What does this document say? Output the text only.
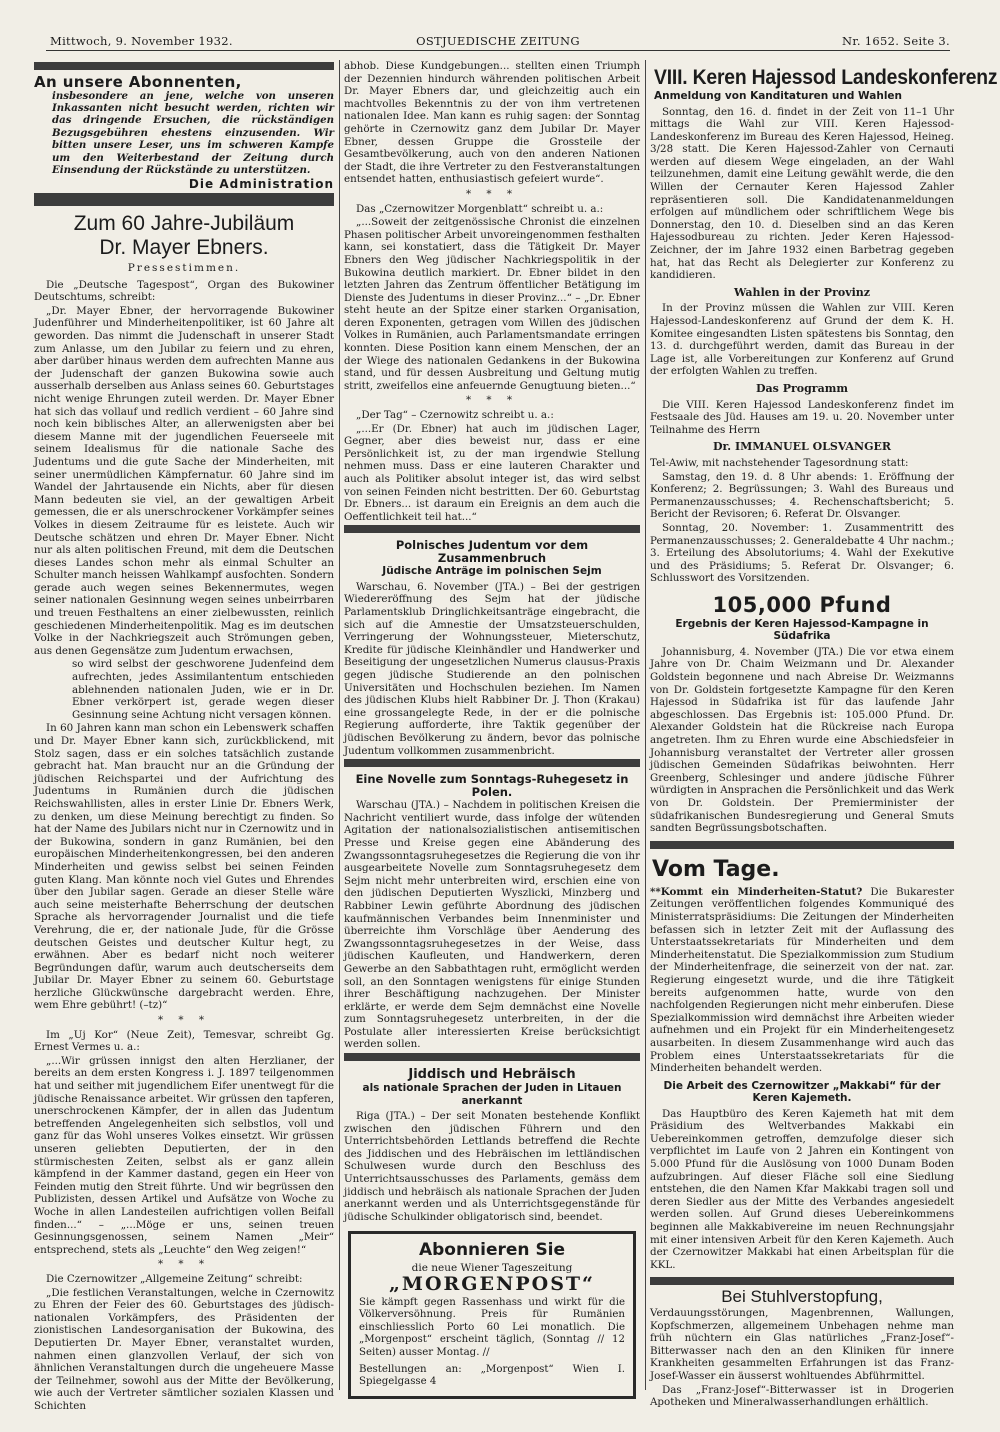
Mittwoch, 9. November 1932.	OSTJUEDISCHE ZEITUNG	Nr. 1652. Seite 3.
An unsere Abonnenten,
insbesondere an jene, welche von unseren Inkassanten nicht besucht werden, richten wir das dringende Ersuchen, die rückständigen Bezugsgebühren ehestens einzusenden. Wir bitten unsere Leser, uns im schweren Kampfe um den Weiterbestand der Zeitung durch Einsendung der Rückstände zu unterstützen.
Die Administration
Zum 60 Jahre-Jubiläum
Dr. Mayer Ebners.
Pressestimmen.

Die „Deutsche Tagespost“, Organ des Bukowiner Deutschtums, schreibt:

„Dr. Mayer Ebner, der hervorragende Bukowiner Judenführer und Minderheitenpolitiker, ist 60 Jahre alt geworden. Das nimmt die Judenschaft in unserer Stadt zum Anlasse, um den Jubilar zu feiern und zu ehren, aber darüber hinaus werden dem aufrechten Manne aus der Judenschaft der ganzen Bukowina sowie auch ausserhalb derselben aus Anlass seines 60. Geburtstages nicht wenige Ehrungen zuteil werden. Dr. Mayer Ebner hat sich das vollauf und redlich verdient – 60 Jahre sind noch kein biblisches Alter, an allerwenigsten aber bei diesem Manne mit der jugendlichen Feuerseele mit seinem Idealismus für die nationale Sache des Judentums und die gute Sache der Minderheiten, mit seiner unermüdlichen Kämpfernatur. 60 Jahre sind im Wandel der Jahrtausende ein Nichts, aber für diesen Mann bedeuten sie viel, an der gewaltigen Arbeit gemessen, die er als unerschrockener Vorkämpfer seines Volkes in diesem Zeitraume für es leistete. Auch wir Deutsche schätzen und ehren Dr. Mayer Ebner. Nicht nur als alten politischen Freund, mit dem die Deutschen dieses Landes schon mehr als einmal Schulter an Schulter manch heissen Wahlkampf ausfochten. Sondern gerade auch wegen seines Bekennermutes, wegen seiner nationalen Gesinnung wegen seines unbeirrbaren und treuen Festhaltens an einer zielbewussten, reinlich geschiedenen Minderheitenpolitik. Mag es im deutschen Volke in der Nachkriegszeit auch Strömungen geben, aus denen Gegensätze zum Judentum erwachsen,

so wird selbst der geschworene Judenfeind dem aufrechten, jedes Assimilantentum entschieden ablehnenden nationalen Juden, wie er in Dr. Ebner verkörpert ist, gerade wegen dieser Gesinnung seine Achtung nicht versagen können.

In 60 Jahren kann man schon ein Lebenswerk schaffen und Dr. Mayer Ebner kann sich, zurückblickend, mit Stolz sagen, dass er ein solches tatsächlich zustande gebracht hat. Man braucht nur an die Gründung der jüdischen Reichspartei und der Aufrichtung des Judentums in Rumänien durch die jüdischen Reichswahllisten, alles in erster Linie Dr. Ebners Werk, zu denken, um diese Meinung berechtigt zu finden. So hat der Name des Jubilars nicht nur in Czernowitz und in der Bukowina, sondern in ganz Rumänien, bei den europäischen Minderheitenkongressen, bei den anderen Minderheiten und gewiss selbst bei seinen Feinden guten Klang. Man könnte noch viel Gutes und Ehrendes über den Jubilar sagen. Gerade an dieser Stelle wäre auch seine meisterhafte Beherrschung der deutschen Sprache als hervorragender Journalist und die tiefe Verehrung, die er, der nationale Jude, für die Grösse deutschen Geistes und deutscher Kultur hegt, zu erwähnen. Aber es bedarf nicht noch weiterer Begründungen dafür, warum auch deutscherseits dem Jubilar Dr. Mayer Ebner zu seinem 60. Geburtstage herzliche Glückwünsche dargebracht werden. Ehre, wem Ehre gebührt! (–tz)“

* * *

Im „Uj Kor“ (Neue Zeit), Temesvar, schreibt Gg. Ernest Vermes u. a.:

„...Wir grüssen innigst den alten Herzlianer, der bereits an dem ersten Kongress i. J. 1897 teilgenommen hat und seither mit jugendlichem Eifer unentwegt für die jüdische Renaissance arbeitet. Wir grüssen den tapferen, unerschrockenen Kämpfer, der in allen das Judentum betreffenden Angelegenheiten sich selbstlos, voll und ganz für das Wohl unseres Volkes einsetzt. Wir grüssen unseren geliebten Deputierten, der in den stürmischesten Zeiten, selbst als er ganz allein kämpfend in der Kammer dastand, gegen ein Heer von Feinden mutig den Streit führte. Und wir begrüssen den Publizisten, dessen Artikel und Aufsätze von Woche zu Woche in allen Landesteilen aufrichtigen vollen Beifall finden...“ – „...Möge er uns, seinen treuen Gesinnungsgenossen, seinem Namen „Meir“ entsprechend, stets als „Leuchte“ den Weg zeigen!“

* * *

Die Czernowitzer „Allgemeine Zeitung“ schreibt:

„Die festlichen Veranstaltungen, welche in Czernowitz zu Ehren der Feier des 60. Geburtstages des jüdisch-nationalen Vorkämpfers, des Präsidenten der zionistischen Landesorganisation der Bukowina, des Deputierten Dr. Mayer Ebner, veranstaltet wurden, nahmen einen glanzvollen Verlauf, der sich von ähnlichen Veranstaltungen durch die ungeheuere Masse der Teilnehmer, sowohl aus der Mitte der Bevölkerung, wie auch der Vertreter sämtlicher sozialen Klassen und Schichten

abhob. Diese Kundgebungen... stellten einen Triumph der Dezennien hindurch währenden politischen Arbeit Dr. Mayer Ebners dar, und gleichzeitig auch ein machtvolles Bekenntnis zu der von ihm vertretenen nationalen Idee. Man kann es ruhig sagen: der Sonntag gehörte in Czernowitz ganz dem Jubilar Dr. Mayer Ebner, dessen Gruppe die Grossteile der Gesamtbevölkerung, auch von den anderen Nationen der Stadt, die ihre Vertreter zu den Festveranstaltungen entsendet hatten, enthusiastisch gefeiert wurde“.

* * *

Das „Czernowitzer Morgenblatt“ schreibt u. a.:

„...Soweit der zeitgenössische Chronist die einzelnen Phasen politischer Arbeit unvoreingenommen festhalten kann, sei konstatiert, dass die Tätigkeit Dr. Mayer Ebners den Weg jüdischer Nachkriegspolitik in der Bukowina deutlich markiert. Dr. Ebner bildet in den letzten Jahren das Zentrum öffentlicher Betätigung im Dienste des Judentums in dieser Provinz...“ – „Dr. Ebner steht heute an der Spitze einer starken Organisation, deren Exponenten, getragen vom Willen des jüdischen Volkes in Rumänien, auch Parlamentsmandate erringen konnten. Diese Position kann einem Menschen, der an der Wiege des nationalen Gedankens in der Bukowina stand, und für dessen Ausbreitung und Geltung mutig stritt, zweifellos eine anfeuernde Genugtuung bieten...“

* * *

„Der Tag“ – Czernowitz schreibt u. a.:

„...Er (Dr. Ebner) hat auch im jüdischen Lager, Gegner, aber dies beweist nur, dass er eine Persönlichkeit ist, zu der man irgendwie Stellung nehmen muss. Dass er eine lauteren Charakter und auch als Politiker absolut integer ist, das wird selbst von seinen Feinden nicht bestritten. Der 60. Geburtstag Dr. Ebners... ist daraum ein Ereignis an dem auch die Oeffentlichkeit teil hat...“

Polnisches Judentum vor dem Zusammenbruch
Jüdische Anträge im polnischen Sejm

Warschau, 6. November (JTA.) – Bei der gestrigen Wiedereröffnung des Sejm hat der jüdische Parlamentsklub Dringlichkeitsanträge eingebracht, die sich auf die Amnestie der Umsatzsteuerschulden, Verringerung der Wohnungssteuer, Mieterschutz, Kredite für jüdische Kleinhändler und Handwerker und Beseitigung der ungesetzlichen Numerus clausus-Praxis gegen jüdische Studierende an den polnischen Universitäten und Hochschulen beziehen. Im Namen des jüdischen Klubs hielt Rabbiner Dr. J. Thon (Krakau) eine grossangelegte Rede, in der er die polnische Regierung aufforderte, ihre Taktik gegenüber der jüdischen Bevölkerung zu ändern, bevor das polnische Judentum vollkommen zusammenbricht.

Eine Novelle zum Sonntags-Ruhegesetz in Polen.

Warschau (JTA.) – Nachdem in politischen Kreisen die Nachricht ventiliert wurde, dass infolge der wütenden Agitation der nationalsozialistischen antisemitischen Presse und Kreise gegen eine Abänderung des Zwangssonntagsruhegesetzes die Regierung die von ihr ausgearbeitete Novelle zum Sonntagsruhegesetz dem Sejm nicht mehr unterbreiten wird, erschien eine von den jüdischen Deputierten Wyszlicki, Minzberg und Rabbiner Lewin geführte Abordnung des jüdischen kaufmännischen Verbandes beim Innenminister und überreichte ihm Vorschläge über Aenderung des Zwangssonntagsruhegesetzes in der Weise, dass jüdischen Kaufleuten, und Handwerkern, deren Gewerbe an den Sabbathtagen ruht, ermöglicht werden soll, an den Sonntagen wenigstens für einige Stunden ihrer Beschäftigung nachzugehen. Der Minister erklärte, er werde dem Sejm demnächst eine Novelle zum Sonntagsruhegesetz unterbreiten, in der die Postulate aller interessierten Kreise berücksichtigt werden sollen.

Jiddisch und Hebräisch
als nationale Sprachen der Juden in Litauen anerkannt

Riga (JTA.) – Der seit Monaten bestehende Konflikt zwischen den jüdischen Führern und den Unterrichtsbehörden Lettlands betreffend die Rechte des Jiddischen und des Hebräischen im lettländischen Schulwesen wurde durch den Beschluss des Unterrichtsausschusses des Parlaments, gemäss dem jiddisch und hebräisch als nationale Sprachen der Juden anerkannt werden und als Unterrichtsgegenstände für jüdische Schulkinder obligatorisch sind, beendet.

Abonnieren Sie
die neue Wiener Tageszeitung
„MORGENPOST“

Sie kämpft gegen Rassenhass und wirkt für die Völkerversöhnung. Preis für Rumänien einschliesslich Porto 60 Lei monatlich. Die „Morgenpost“ erscheint täglich, (Sonntag // 12 Seiten) ausser Montag. //

Bestellungen an: „Morgenpost“ Wien I. Spiegelgasse 4

VIII. Keren Hajessod Landeskonferenz
Anmeldung von Kanditaturen und Wahlen

Sonntag, den 16. d. findet in der Zeit von 11–1 Uhr mittags die Wahl zur VIII. Keren Hajessod-Landeskonferenz im Bureau des Keren Hajessod, Heineg. 3/28 statt. Die Keren Hajessod-Zahler von Cernauti werden auf diesem Wege eingeladen, an der Wahl teilzunehmen, damit eine Leitung gewählt werde, die den Willen der Cernauter Keren Hajessod Zahler repräsentieren soll. Die Kandidatenanmeldungen erfolgen auf mündlichem oder schriftlichem Wege bis Donnerstag, den 10. d. Dieselben sind an das Keren Hajessodbureau zu richten. Jeder Keren Hajessod-Zeichner, der im Jahre 1932 einen Barbetrag gegeben hat, hat das Recht als Delegierter zur Konferenz zu kandidieren.

Wahlen in der Provinz

In der Provinz müssen die Wahlen zur VIII. Keren Hajessod-Landeskonferenz auf Grund der dem K. H. Komitee eingesandten Listen spätestens bis Sonntag, den 13. d. durchgeführt werden, damit das Bureau in der Lage ist, alle Vorbereitungen zur Konferenz auf Grund der erfolgten Wahlen zu treffen.

Das Programm

Die VIII. Keren Hajessod Landeskonferenz findet im Festsaale des Jüd. Hauses am 19. u. 20. November unter Teilnahme des Herrn

Dr. IMMANUEL OLSVANGER

Tel-Awiw, mit nachstehender Tagesordnung statt:

Samstag, den 19. d. 8 Uhr abends: 1. Eröffnung der Konferenz; 2. Begrüssungen; 3. Wahl des Bureaus und Permanenzausschusses; 4. Rechenschaftsbericht; 5. Bericht der Revisoren; 6. Referat Dr. Olsvanger.

Sonntag, 20. November: 1. Zusammentritt des Permanenzausschusses; 2. Generaldebatte 4 Uhr nachm.; 3. Erteilung des Absolutoriums; 4. Wahl der Exekutive und des Präsidiums; 5. Referat Dr. Olsvanger; 6. Schlusswort des Vorsitzenden.

105,000 Pfund
Ergebnis der Keren Hajessod-Kampagne in Südafrika

Johannisburg, 4. November (JTA.) Die vor etwa einem Jahre von Dr. Chaim Weizmann und Dr. Alexander Goldstein begonnene und nach Abreise Dr. Weizmanns von Dr. Goldstein fortgesetzte Kampagne für den Keren Hajessod in Südafrika ist für das laufende Jahr abgeschlossen. Das Ergebnis ist: 105.000 Pfund. Dr. Alexander Goldstein hat die Rückreise nach Europa angetreten. Ihm zu Ehren wurde eine Abschiedsfeier in Johannisburg veranstaltet der Vertreter aller grossen jüdischen Gemeinden Südafrikas beiwohnten. Herr Greenberg, Schlesinger und andere jüdische Führer würdigten in Ansprachen die Persönlichkeit und das Werk von Dr. Goldstein. Der Premierminister der südafrikanischen Bundesregierung und General Smuts sandten Begrüssungsbotschaften.

Vom Tage.

**Kommt ein Minderheiten-Statut? Die Bukarester Zeitungen veröffentlichen folgendes Kommuniqué des Ministerratspräsidiums: Die Zeitungen der Minderheiten befassen sich in letzter Zeit mit der Auflassung des Unterstaatssekretariats für Minderheiten und dem Minderheitenstatut. Die Spezialkommission zum Studium der Minderheitenfrage, die seinerzeit von der nat. zar. Regierung eingesetzt wurde, und die ihre Tätigkeit bereits aufgenommen hatte, wurde von den nachfolgenden Regierungen nicht mehr einberufen. Diese Spezialkommission wird demnächst ihre Arbeiten wieder aufnehmen und ein Projekt für ein Minderheitengesetz ausarbeiten. In diesem Zusammenhange wird auch das Problem eines Unterstaatssekretariats für die Minderheiten behandelt werden.

Die Arbeit des Czernowitzer „Makkabi“ für der Keren Kajemeth.

Das Hauptbüro des Keren Kajemeth hat mit dem Präsidium des Weltverbandes Makkabi ein Uebereinkommen getroffen, demzufolge dieser sich verpflichtet im Laufe von 2 Jahren ein Kontingent von 5.000 Pfund für die Auslösung von 1000 Dunam Boden aufzubringen. Auf dieser Fläche soll eine Siedlung entstehen, die den Namen Kfar Makkabi tragen soll und deren Siedler aus der Mitte des Verbandes angesiedelt werden sollen. Auf Grund dieses Uebereinkommens beginnen alle Makkabivereine im neuen Rechnungsjahr mit einer intensiven Arbeit für den Keren Kajemeth. Auch der Czernowitzer Makkabi hat einen Arbeitsplan für die KKL.

Bei Stuhlverstopfung,

Verdauungsstörungen, Magenbrennen, Wallungen, Kopfschmerzen, allgemeinem Unbehagen nehme man früh nüchtern ein Glas natürliches „Franz-Josef“-Bitterwasser nach den an den Kliniken für innere Krankheiten gesammelten Erfahrungen ist das Franz-Josef-Wasser ein äusserst wohltuendes Abführmittel.

Das „Franz-Josef“-Bitterwasser ist in Drogerien Apotheken und Mineralwasserhandlungen erhältlich.
